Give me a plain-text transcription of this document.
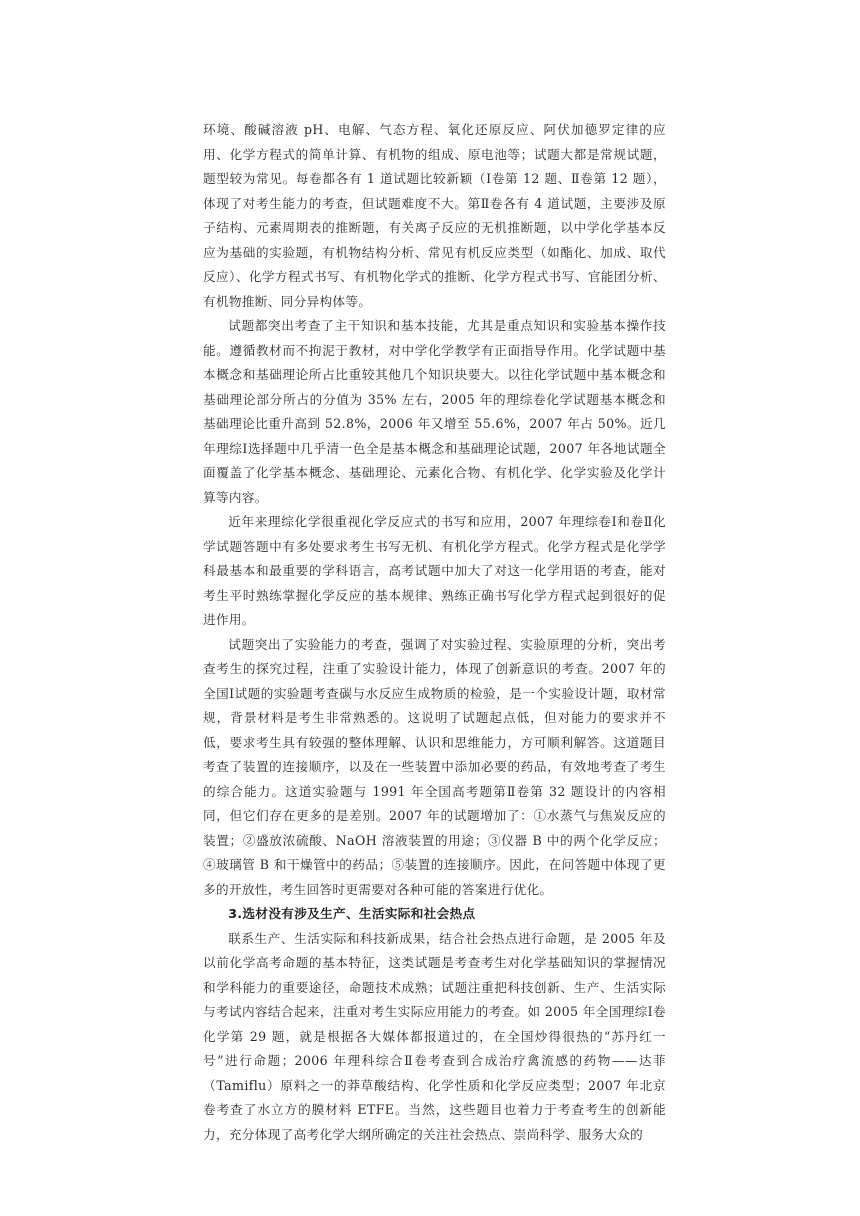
环境、酸碱溶液 pH、电解、气态方程、氧化还原反应、阿伏加德罗定律的应用、化学方程式的简单计算、有机物的组成、原电池等；试题大都是常规试题，题型较为常见。每卷都各有 1 道试题比较新颖（Ⅰ卷第 12 题、Ⅱ卷第 12 题），体现了对考生能力的考查，但试题难度不大。第Ⅱ卷各有 4 道试题，主要涉及原子结构、元素周期表的推断题，有关离子反应的无机推断题，以中学化学基本反应为基础的实验题，有机物结构分析、常见有机反应类型（如酯化、加成、取代反应）、化学方程式书写、有机物化学式的推断、化学方程式书写、官能团分析、有机物推断、同分异构体等。

试题都突出考查了主干知识和基本技能，尤其是重点知识和实验基本操作技能。遵循教材而不拘泥于教材，对中学化学教学有正面指导作用。化学试题中基本概念和基础理论所占比重较其他几个知识块要大。以往化学试题中基本概念和基础理论部分所占的分值为 35% 左右，2005 年的理综卷化学试题基本概念和基础理论比重升高到 52.8%，2006 年又增至 55.6%，2007 年占 50%。近几年理综Ⅰ选择题中几乎清一色全是基本概念和基础理论试题，2007 年各地试题全面覆盖了化学基本概念、基础理论、元素化合物、有机化学、化学实验及化学计算等内容。

近年来理综化学很重视化学反应式的书写和应用，2007 年理综卷Ⅰ和卷Ⅱ化学试题答题中有多处要求考生书写无机、有机化学方程式。化学方程式是化学学科最基本和最重要的学科语言，高考试题中加大了对这一化学用语的考查，能对考生平时熟练掌握化学反应的基本规律、熟练正确书写化学方程式起到很好的促进作用。

试题突出了实验能力的考查，强调了对实验过程、实验原理的分析，突出考查考生的探究过程，注重了实验设计能力，体现了创新意识的考查。2007 年的全国Ⅰ试题的实验题考查碳与水反应生成物质的检验，是一个实验设计题，取材常规，背景材料是考生非常熟悉的。这说明了试题起点低，但对能力的要求并不低，要求考生具有较强的整体理解、认识和思维能力，方可顺利解答。这道题目考查了装置的连接顺序，以及在一些装置中添加必要的药品，有效地考查了考生的综合能力。这道实验题与 1991 年全国高考题第Ⅱ卷第 32 题设计的内容相同，但它们存在更多的是差别。2007 年的试题增加了：①水蒸气与焦炭反应的装置；②盛放浓硫酸、NaOH 溶液装置的用途；③仪器 B 中的两个化学反应；④玻璃管 B 和干燥管中的药品；⑤装置的连接顺序。因此，在问答题中体现了更多的开放性，考生回答时更需要对各种可能的答案进行优化。

3.选材没有涉及生产、生活实际和社会热点

联系生产、生活实际和科技新成果，结合社会热点进行命题，是 2005 年及以前化学高考命题的基本特征，这类试题是考查考生对化学基础知识的掌握情况和学科能力的重要途径，命题技术成熟；试题注重把科技创新、生产、生活实际与考试内容结合起来，注重对考生实际应用能力的考查。如 2005 年全国理综Ⅰ卷化学第 29 题，就是根据各大媒体都报道过的，在全国炒得很热的“苏丹红一号”进行命题；2006 年理科综合Ⅱ卷考查到合成治疗禽流感的药物——达菲（Tamiflu）原料之一的莽草酸结构、化学性质和化学反应类型；2007 年北京卷考查了水立方的膜材料 ETFE。当然，这些题目也着力于考查考生的创新能力，充分体现了高考化学大纲所确定的关注社会热点、崇尚科学、服务大众的
